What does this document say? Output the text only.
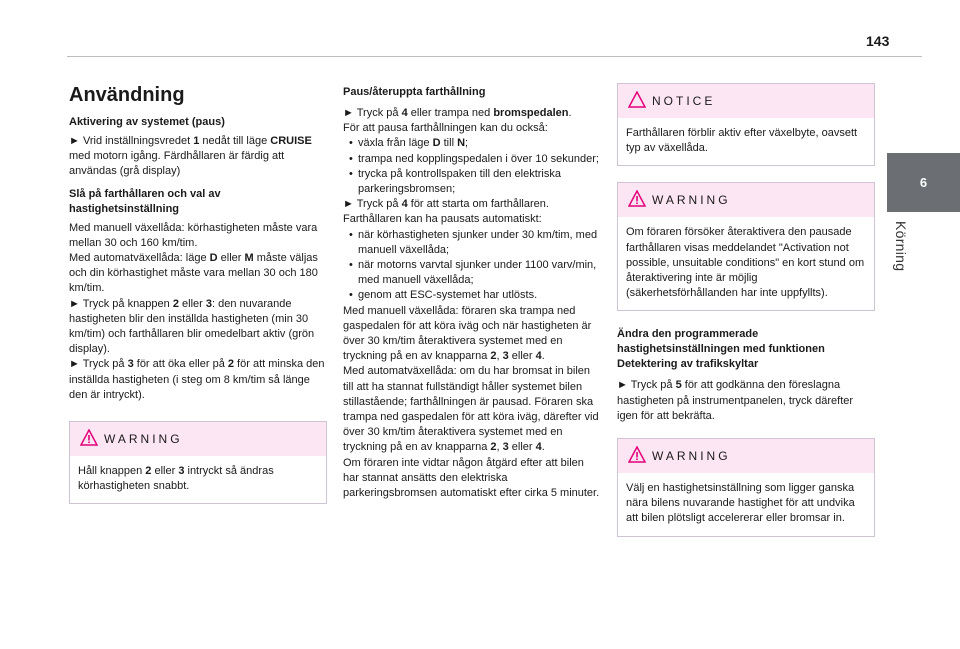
143
6
Körning
Användning
Aktivering av systemet (paus)

► Vrid inställningsvredet 1 nedåt till läge CRUISE med motorn igång. Färdhållaren är färdig att användas (grå display)

Slå på farthållaren och val av hastighetsinställning

Med manuell växellåda: körhastigheten måste vara mellan 30 och 160 km/tim.

Med automatväxellåda: läge D eller M måste väljas och din körhastighet måste vara mellan 30 och 180 km/tim.

► Tryck på knappen 2 eller 3: den nuvarande hastigheten blir den inställda hastigheten (min 30 km/tim) och farthållaren blir omedelbart aktiv (grön display).

► Tryck på 3 för att öka eller på 2 för att minska den inställda hastigheten (i steg om 8 km/tim så länge den är intryckt).

WARNING
Håll knappen 2 eller 3 intryckt så ändras körhastigheten snabbt.
Paus/återuppta farthållning

► Tryck på 4 eller trampa ned bromspedalen.

För att pausa farthållningen kan du också:

• växla från läge D till N;
• trampa ned kopplingspedalen i över 10 sekunder;
• trycka på kontrollspaken till den elektriska parkeringsbromsen;

► Tryck på 4 för att starta om farthållaren.

Farthållaren kan ha pausats automatiskt:

• när körhastigheten sjunker under 30 km/tim, med manuell växellåda;
• när motorns varvtal sjunker under 1100 varv/min, med manuell växellåda;
• genom att ESC-systemet har utlösts.

Med manuell växellåda: föraren ska trampa ned gaspedalen för att köra iväg och när hastigheten är över 30 km/tim återaktivera systemet med en tryckning på en av knapparna 2, 3 eller 4.

Med automatväxellåda: om du har bromsat in bilen till att ha stannat fullständigt håller systemet bilen stillastående; farthållningen är pausad. Föraren ska trampa ned gaspedalen för att köra iväg, därefter vid över 30 km/tim återaktivera systemet med en tryckning på en av knapparna 2, 3 eller 4.

Om föraren inte vidtar någon åtgärd efter att bilen har stannat ansätts den elektriska parkeringsbromsen automatiskt efter cirka 5 minuter.

NOTICE
Farthållaren förblir aktiv efter växelbyte, oavsett typ av växellåda.
WARNING
Om föraren försöker återaktivera den pausade farthållaren visas meddelandet "Activation not possible, unsuitable conditions" en kort stund om återaktivering inte är möjlig (säkerhetsförhållanden har inte uppfyllts).
Ändra den programmerade hastighetsinställningen med funktionen Detektering av trafikskyltar

► Tryck på 5 för att godkänna den föreslagna hastigheten på instrumentpanelen, tryck därefter igen för att bekräfta.

WARNING
Välj en hastighetsinställning som ligger ganska nära bilens nuvarande hastighet för att undvika att bilen plötsligt accelererar eller bromsar in.
